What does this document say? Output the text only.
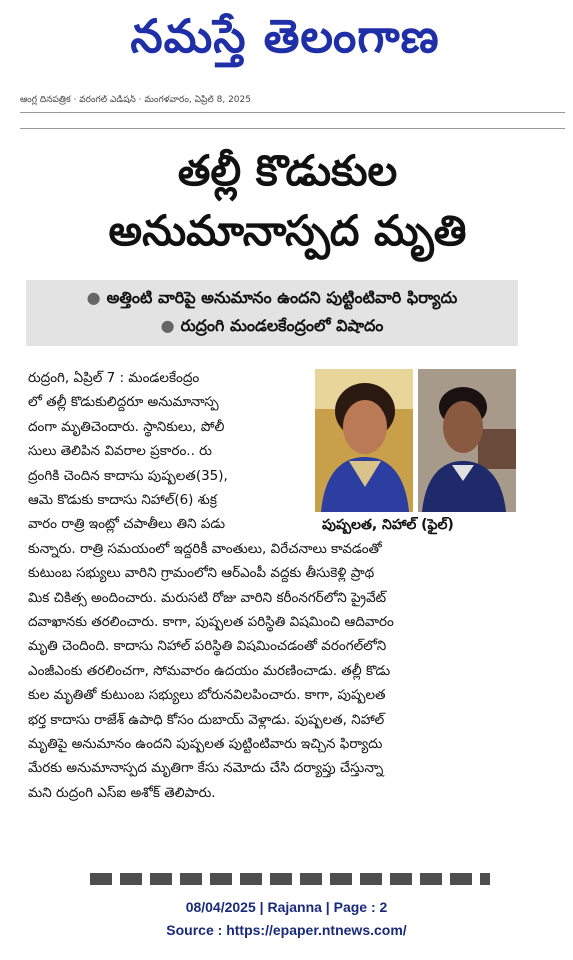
నమస్తే తెలంగాణ
ఆంగ్ల దినపత్రిక · వరంగల్ ఎడిషన్ · మంగళవారం, ఏప్రిల్ 8, 2025
తల్లీ కొడుకుల
అనుమానాస్పద మృతి
● అత్తింటి వారిపై అనుమానం ఉందని పుట్టింటివారి ఫిర్యాదు
● రుద్రంగి మండలకేంద్రంలో విషాదం
పుష్పలత, నిహాల్ (ఫైల్)
రుద్రంగి, ఏప్రిల్ 7 : మండలకేంద్రం
లో తల్లీ కొడుకులిద్దరూ అనుమానాస్ప
దంగా మృతిచెందారు. స్థానికులు, పోలీ
సులు తెలిపిన వివరాల ప్రకారం.. రు
ద్రంగికి చెందిన కాదాసు పుష్పలత(35),
ఆమె కొడుకు కాదాసు నిహాల్(6) శుక్ర
వారం రాత్రి ఇంట్లో చపాతీలు తిని పడు
కున్నారు. రాత్రి సమయంలో ఇద్దరికీ వాంతులు, విరేచనాలు కావడంతో
కుటుంబ సభ్యులు వారిని గ్రామంలోని ఆర్ఎంపీ వద్దకు తీసుకెళ్లి ప్రాథ
మిక చికిత్స అందించారు. మరుసటి రోజు వారిని కరీంనగర్‌లోని ప్రైవేట్
దవాఖానకు తరలించారు. కాగా, పుష్పలత పరిస్థితి విషమించి ఆదివారం
మృతి చెందింది. కాదాసు నిహాల్ పరిస్థితి విషమించడంతో వరంగల్‌లోని
ఎంజీఎంకు తరలించగా, సోమవారం ఉదయం మరణించాడు. తల్లీ కొడు
కుల మృతితో కుటుంబ సభ్యులు బోరునవిలపించారు. కాగా, పుష్పలత
భర్త కాదాసు రాజేశ్ ఉపాధి కోసం దుబాయ్ వెళ్లాడు. పుష్పలత, నిహాల్
మృతిపై అనుమానం ఉందని పుష్పలత పుట్టింటివారు ఇచ్చిన ఫిర్యాదు
మేరకు అనుమానాస్పద మృతిగా కేసు నమోదు చేసి దర్యాప్తు చేస్తున్నా
మని రుద్రంగి ఎస్ఐ అశోక్ తెలిపారు.
08/04/2025 | Rajanna | Page : 2
Source : https://epaper.ntnews.com/
